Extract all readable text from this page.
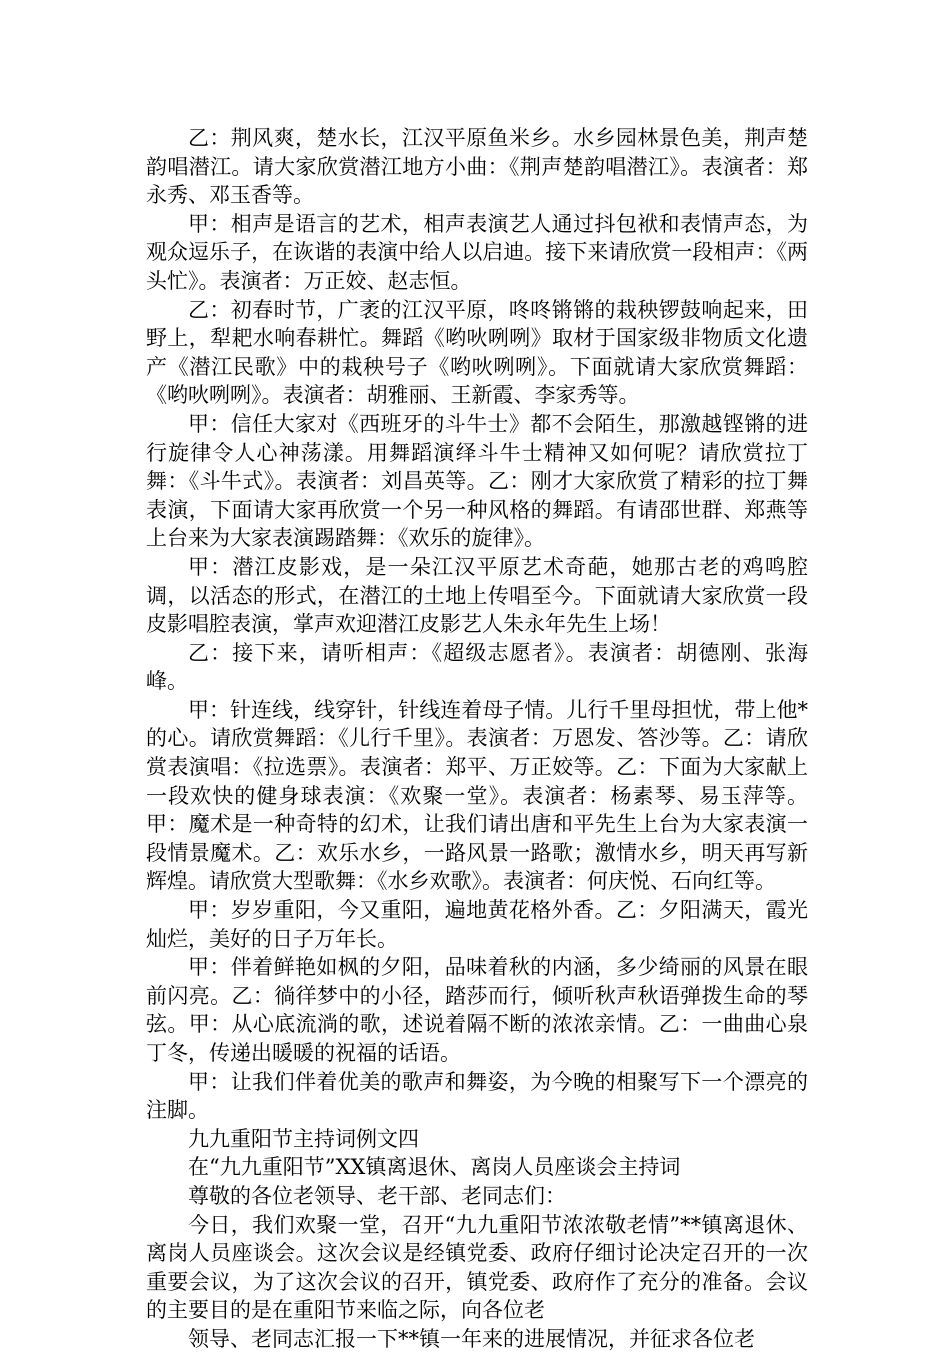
乙：荆风爽，楚水长，江汉平原鱼米乡。水乡园林景色美，荆声楚韵唱潜江。请大家欣赏潜江地方小曲：《荆声楚韵唱潜江》。表演者：郑永秀、邓玉香等。

甲：相声是语言的艺术，相声表演艺人通过抖包袱和表情声态，为观众逗乐子，在诙谐的表演中给人以启迪。接下来请欣赏一段相声：《两头忙》。表演者：万正姣、赵志恒。

乙：初春时节，广袤的江汉平原，咚咚锵锵的栽秧锣鼓响起来，田野上，犁耙水响春耕忙。舞蹈《哟吙咧咧》取材于国家级非物质文化遗产《潜江民歌》中的栽秧号子《哟吙咧咧》。下面就请大家欣赏舞蹈：《哟吙咧咧》。表演者：胡雅丽、王新霞、李家秀等。

甲：信任大家对《西班牙的斗牛士》都不会陌生，那激越铿锵的进行旋律令人心神荡漾。用舞蹈演绎斗牛士精神又如何呢？请欣赏拉丁舞：《斗牛式》。表演者：刘昌英等。乙：刚才大家欣赏了精彩的拉丁舞表演，下面请大家再欣赏一个另一种风格的舞蹈。有请邵世群、郑燕等上台来为大家表演踢踏舞：《欢乐的旋律》。

甲：潜江皮影戏，是一朵江汉平原艺术奇葩，她那古老的鸡鸣腔调，以活态的形式，在潜江的土地上传唱至今。下面就请大家欣赏一段皮影唱腔表演，掌声欢迎潜江皮影艺人朱永年先生上场！

乙：接下来，请听相声：《超级志愿者》。表演者：胡德刚、张海峰。

甲：针连线，线穿针，针线连着母子情。儿行千里母担忧，带上他*的心。请欣赏舞蹈：《儿行千里》。表演者：万恩发、答沙等。乙：请欣赏表演唱：《拉选票》。表演者：郑平、万正姣等。乙：下面为大家献上一段欢快的健身球表演：《欢聚一堂》。表演者：杨素琴、易玉萍等。甲：魔术是一种奇特的幻术，让我们请出唐和平先生上台为大家表演一段情景魔术。乙：欢乐水乡，一路风景一路歌；激情水乡，明天再写新辉煌。请欣赏大型歌舞：《水乡欢歌》。表演者：何庆悦、石向红等。

甲：岁岁重阳，今又重阳，遍地黄花格外香。乙：夕阳满天，霞光灿烂，美好的日子万年长。

甲：伴着鲜艳如枫的夕阳，品味着秋的内涵，多少绮丽的风景在眼前闪亮。乙：徜徉梦中的小径，踏莎而行，倾听秋声秋语弹拨生命的琴弦。甲：从心底流淌的歌，述说着隔不断的浓浓亲情。乙：一曲曲心泉丁冬，传递出暖暖的祝福的话语。

甲：让我们伴着优美的歌声和舞姿，为今晚的相聚写下一个漂亮的注脚。

九九重阳节主持词例文四

在“九九重阳节”XX镇离退休、离岗人员座谈会主持词

尊敬的各位老领导、老干部、老同志们：

今日，我们欢聚一堂，召开“九九重阳节浓浓敬老情”**镇离退休、离岗人员座谈会。这次会议是经镇党委、政府仔细讨论决定召开的一次重要会议，为了这次会议的召开，镇党委、政府作了充分的准备。会议的主要目的是在重阳节来临之际，向各位老

领导、老同志汇报一下**镇一年来的进展情况，并征求各位老
